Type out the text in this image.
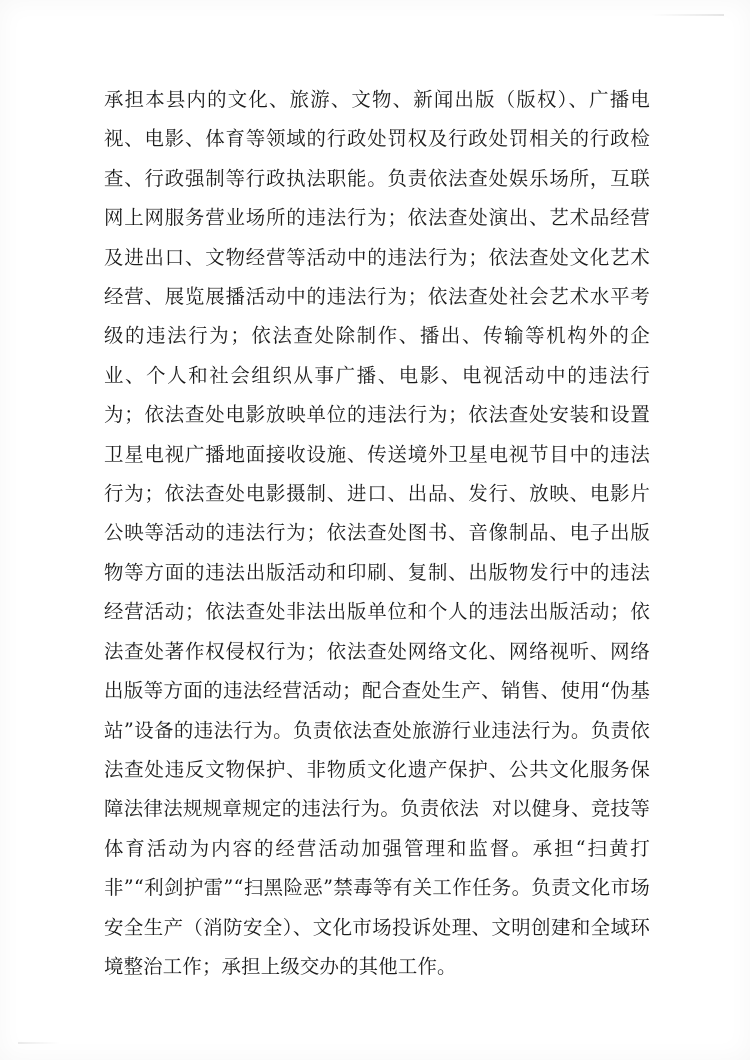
承担本县内的文化、旅游、文物、新闻出版（版权）、广播电视、电影、体育等领域的行政处罚权及行政处罚相关的行政检查、行政强制等行政执法职能。负责依法查处娱乐场所，互联网上网服务营业场所的违法行为；依法查处演出、艺术品经营及进出口、文物经营等活动中的违法行为；依法查处文化艺术经营、展览展播活动中的违法行为；依法查处社会艺术水平考级的违法行为；依法查处除制作、播出、传输等机构外的企业、个人和社会组织从事广播、电影、电视活动中的违法行为；依法查处电影放映单位的违法行为；依法查处安装和设置卫星电视广播地面接收设施、传送境外卫星电视节目中的违法行为；依法查处电影摄制、进口、出品、发行、放映、电影片公映等活动的违法行为；依法查处图书、音像制品、电子出版物等方面的违法出版活动和印刷、复制、出版物发行中的违法经营活动；依法查处非法出版单位和个人的违法出版活动；依法查处著作权侵权行为；依法查处网络文化、网络视听、网络出版等方面的违法经营活动；配合查处生产、销售、使用“伪基站”设备的违法行为。负责依法查处旅游行业违法行为。负责依法查处违反文物保护、非物质文化遗产保护、公共文化服务保障法律法规规章规定的违法行为。负责依法  对以健身、竞技等体育活动为内容的经营活动加强管理和监督。承担“扫黄打非”“利剑护雷”“扫黑险恶”禁毒等有关工作任务。负责文化市场安全生产（消防安全）、文化市场投诉处理、文明创建和全域环境整治工作；承担上级交办的其他工作。
